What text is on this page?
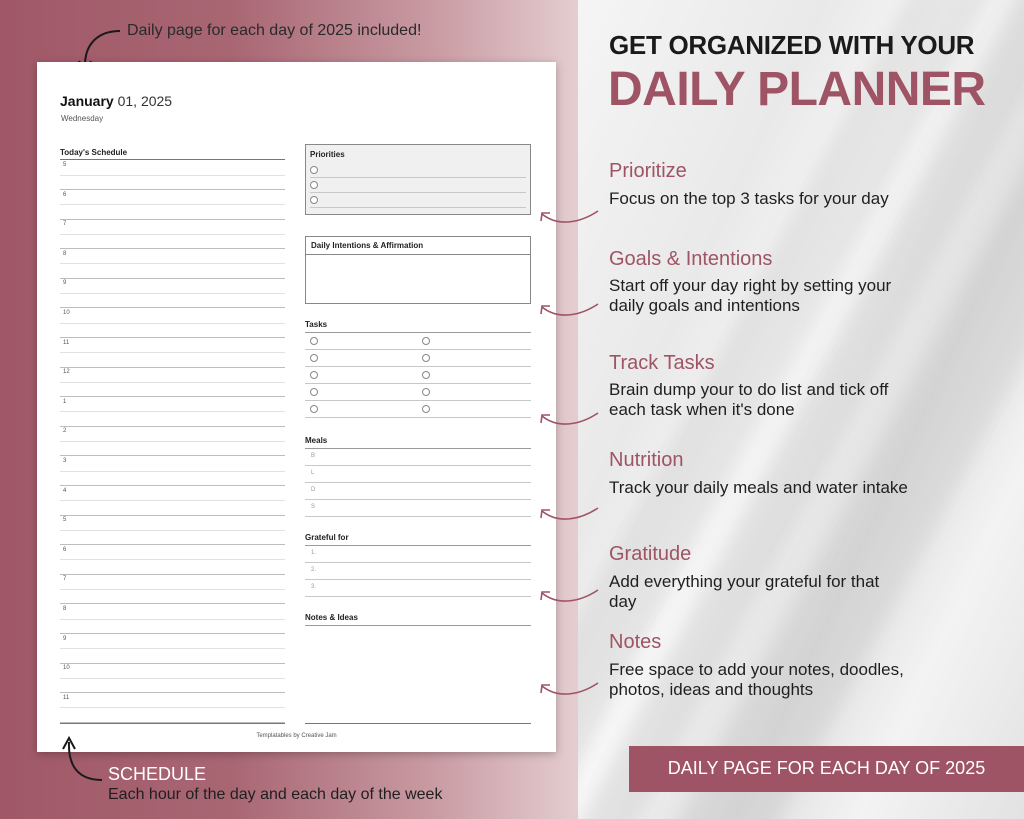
Daily page for each day of 2025 included!
January 01, 2025
Wednesday
Today's Schedule
5
6
7
8
9
10
11
12
1
2
3
4
5
6
7
8
9
10
11
Priorities
Daily Intentions & Affirmation
Tasks
Meals
B
L
D
S
Grateful for
1.
2.
3.
Notes & Ideas
Templatables by Creative Jam
SCHEDULE
Each hour of the day and each day of the week
GET ORGANIZED WITH YOUR
DAILY PLANNER
Prioritize
Focus on the top 3 tasks for your day
Goals & Intentions
Start off your day right by setting your daily goals and intentions
Track Tasks
Brain dump your to do list and tick off each task when it's done
Nutrition
Track your daily meals and water intake
Gratitude
Add everything your grateful for that day
Notes
Free space to add your notes, doodles, photos, ideas and thoughts
DAILY PAGE FOR EACH DAY OF 2025
